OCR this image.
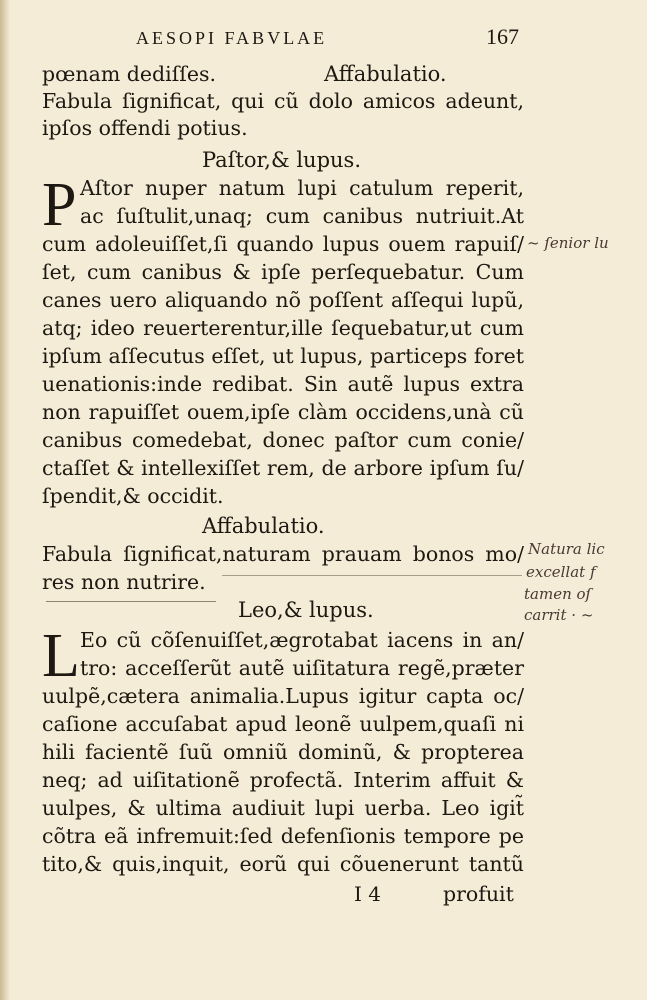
AESOPI FABVLAE	167
pœnam dediſſes.	Affabulatio.
Fabula ſignificat, qui cũ dolo amicos adeunt,
ipſos offendi potius.
Paſtor,& lupus.
P Aſtor nuper natum lupi catulum reperit,
ac ſuſtulit,unaq; cum canibus nutriuit.At
cum adoleuiſſet,ſi quando lupus ouem rapuiſ/
ſet, cum canibus & ipſe perſequebatur. Cum
canes uero aliquando nõ poſſent aſſequi lupũ,
atq; ideo reuerterentur,ille ſequebatur,ut cum
ipſum aſſecutus eſſet, ut lupus, particeps foret
uenationis:inde redibat. Sin autẽ lupus extra
non rapuiſſet ouem,ipſe clàm occidens,unà cũ
canibus comedebat, donec paſtor cum conie/
ctaſſet & intellexiſſet rem, de arbore ipſum ſu/
ſpendit,& occidit.
Affabulatio.
Fabula ſignificat,naturam prauam bonos mo/
res non nutrire.
Leo,& lupus.
L Eo cũ cõſenuiſſet,ægrotabat iacens in an/
tro: acceſſerũt autẽ uiſitatura regẽ,præter
uulpẽ,cætera animalia.Lupus igitur capta oc/
caſione accuſabat apud leonẽ uulpem,quaſi ni
hili facientẽ ſuũ omniũ dominũ, & propterea
neq; ad uiſitationẽ profectã. Interim affuit &
uulpes, & ultima audiuit lupi uerba. Leo igit̃
cõtra eã infremuit:ſed defenſionis tempore pe
tito,& quis,inquit, eorũ qui cõuenerunt tantũ
I 4	profuit
~ ſenior lu
Natura lic
excellat f
tamen oſ
carrit · ~
